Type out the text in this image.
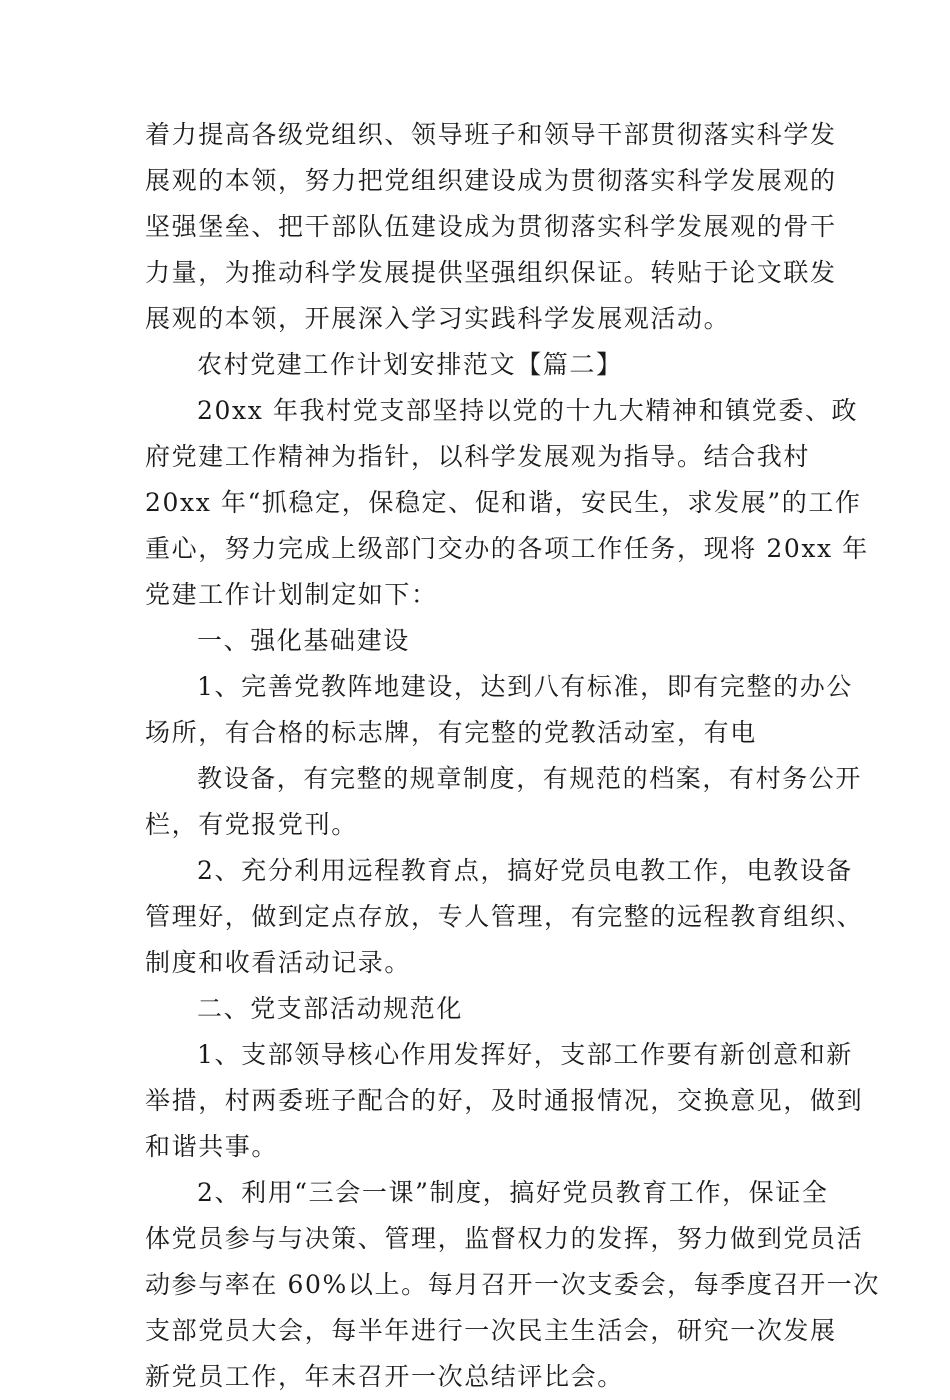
着力提高各级党组织、领导班子和领导干部贯彻落实科学发
展观的本领，努力把党组织建设成为贯彻落实科学发展观的
坚强堡垒、把干部队伍建设成为贯彻落实科学发展观的骨干
力量，为推动科学发展提供坚强组织保证。转贴于论文联发
展观的本领，开展深入学习实践科学发展观活动。
农村党建工作计划安排范文【篇二】
20xx 年我村党支部坚持以党的十九大精神和镇党委、政
府党建工作精神为指针，以科学发展观为指导。结合我村
20xx 年“抓稳定，保稳定、促和谐，安民生，求发展”的工作
重心，努力完成上级部门交办的各项工作任务，现将 20xx 年
党建工作计划制定如下：
一、强化基础建设
1、完善党教阵地建设，达到八有标准，即有完整的办公
场所，有合格的标志牌，有完整的党教活动室，有电
教设备，有完整的规章制度，有规范的档案，有村务公开
栏，有党报党刊。
2、充分利用远程教育点，搞好党员电教工作，电教设备
管理好，做到定点存放，专人管理，有完整的远程教育组织、
制度和收看活动记录。
二、党支部活动规范化
1、支部领导核心作用发挥好，支部工作要有新创意和新
举措，村两委班子配合的好，及时通报情况，交换意见，做到
和谐共事。
2、利用“三会一课”制度，搞好党员教育工作，保证全
体党员参与与决策、管理，监督权力的发挥，努力做到党员活
动参与率在 60%以上。每月召开一次支委会，每季度召开一次
支部党员大会，每半年进行一次民主生活会，研究一次发展
新党员工作，年末召开一次总结评比会。
